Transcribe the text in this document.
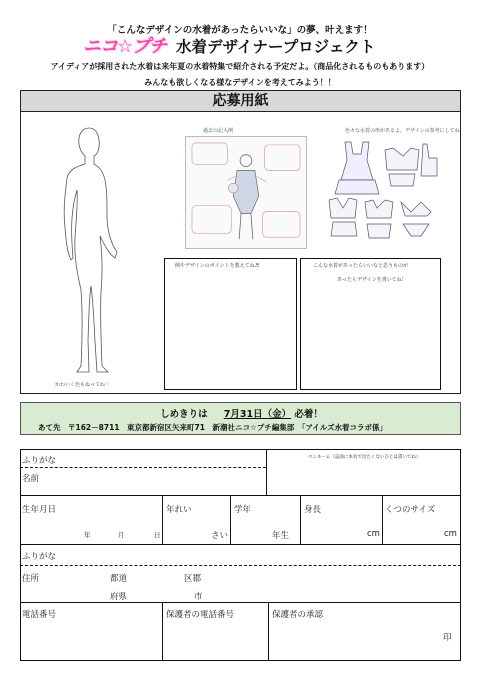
「こんなデザインの水着があったらいいな」の夢、叶えます！
ニコ☆プチ 水着デザイナープロジェクト
アイディアが採用された水着は来年夏の水着特集で紹介される予定だよ。（商品化されるものもあります）
みんなも欲しくなる様なデザインを考えてみよう！！
応募用紙
かわいく色もぬってね♡
過去の記入例	色々な水着の形があるよ。デザインの参考にしてね！
例やデザインのポイントを教えてね♬	こんな水着があったらいいなと思うものが
あったらデザインを書いてね！
しめきりは 　 7月31日（金） 必着！
あて先　〒162－8711　東京都新宿区矢来町71　新潮社ニコ☆プチ編集部　「アイルズ水着コラボ係」
ふりがな
名前
ペンネーム（誌面に本名で出たくないひとは書いてね）
生年月日
年	月	日
年れい
さい
学年
年生
身長
cm
くつのサイズ
cm
ふりがな
住所	都道
府県
区郡
市
電話番号	保護者の電話番号	保護者の承認
印
